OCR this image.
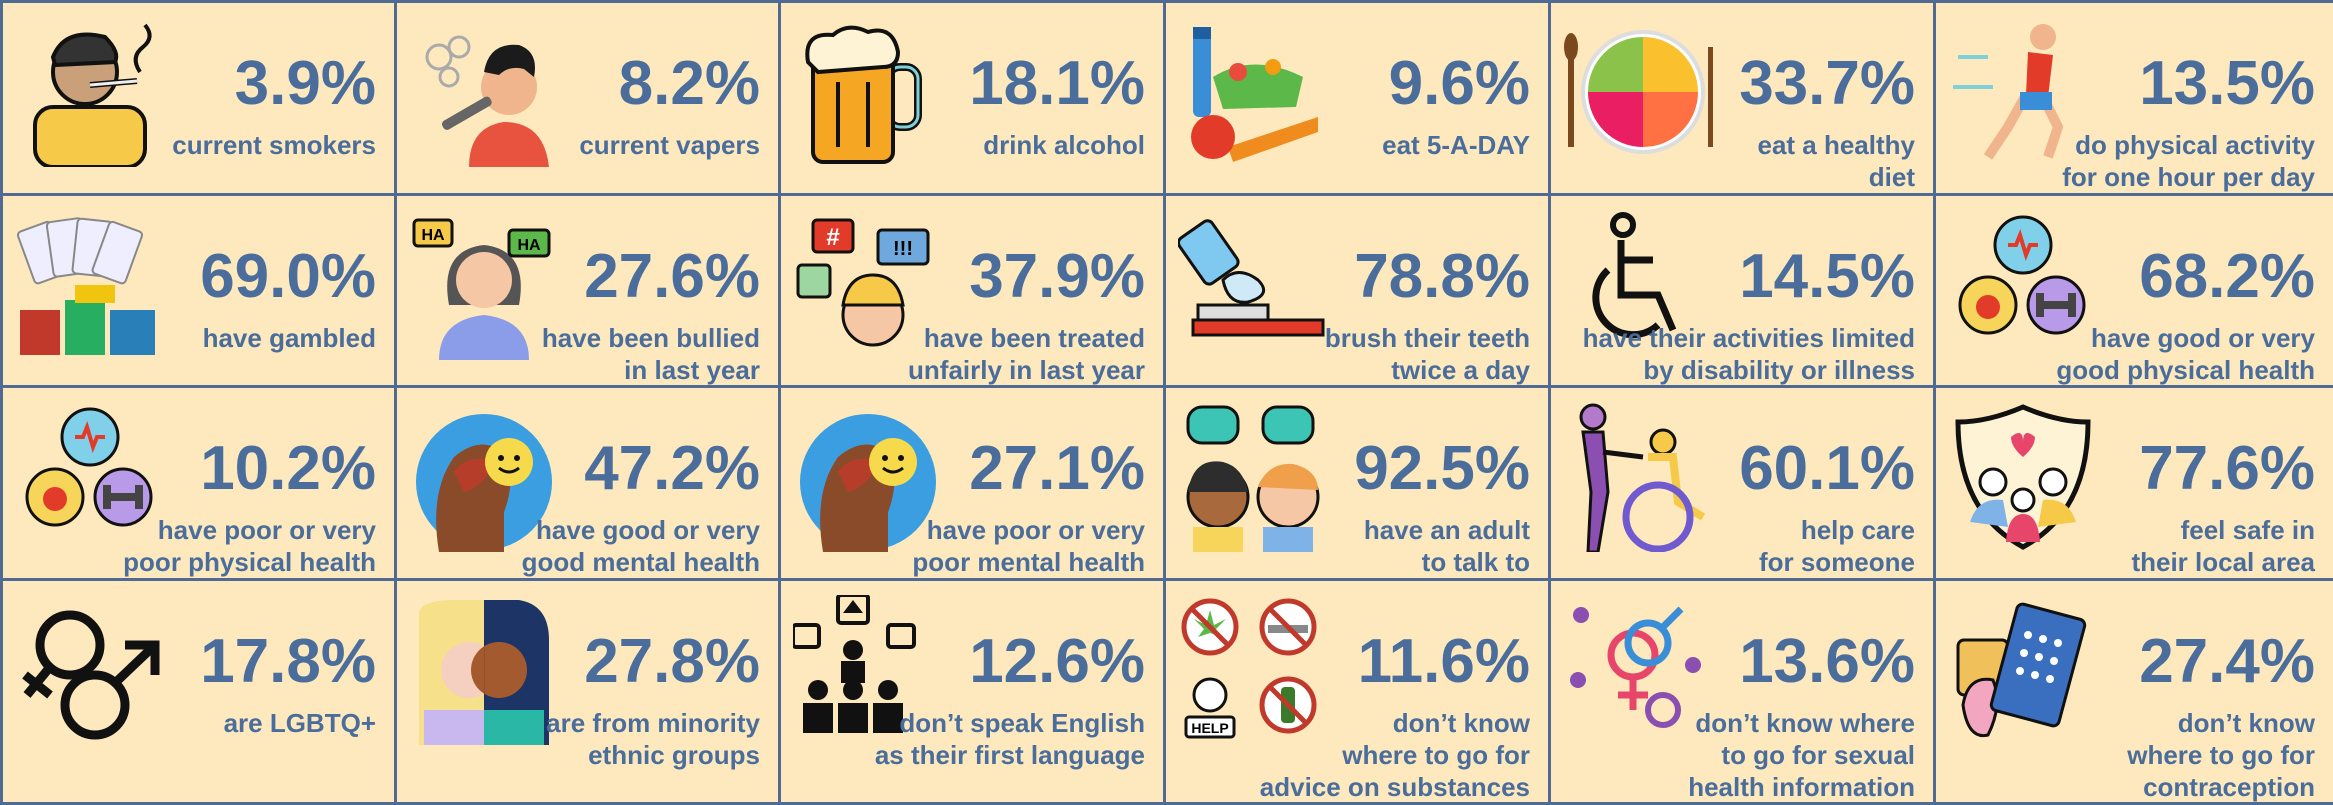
3.9%
current smokers
8.2%
current vapers
18.1%
drink alcohol
9.6%
eat 5-A-DAY
33.7%
eat a healthy
diet
13.5%
do physical activity
for one hour per day
69.0%
have gambled
HA
HA 27.6%
have been bullied
in last year
#	!!! 37.9%
have been treated
unfairly in last year
78.8%
brush their teeth
twice a day
14.5%
have their activities limited
by disability or illness
68.2%
have good or very
good physical health
10.2%
have poor or very
poor physical health
47.2%
have good or very
good mental health
27.1%
have poor or very
poor mental health
92.5%
have an adult
to talk to
60.1%
help care
for someone
77.6%
feel safe in
their local area
17.8%
are LGBTQ+
27.8%
are from minority
ethnic groups
12.6%
don’t speak English
as their first language
HELP
11.6%
don’t know
where to go for
advice on substances
13.6%
don’t know where
to go for sexual
health information
27.4%
don’t know
where to go for
contraception
